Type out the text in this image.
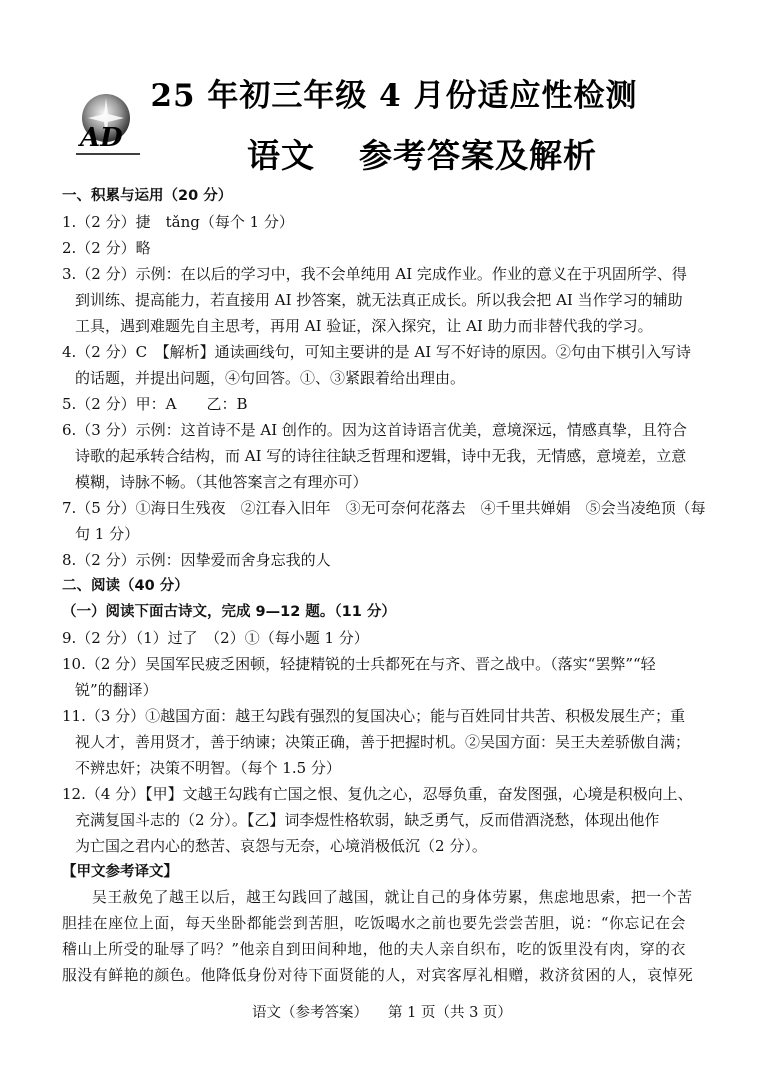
AD
25 年初三年级 4 月份适应性检测
语文 参考答案及解析
一、积累与运用（20 分）
1.（2 分）捷　tǎng（每个 1 分）
2.（2 分）略
3.（2 分）示例：在以后的学习中，我不会单纯用 AI 完成作业。作业的意义在于巩固所学、得
到训练、提高能力，若直接用 AI 抄答案，就无法真正成长。所以我会把 AI 当作学习的辅助
工具，遇到难题先自主思考，再用 AI 验证，深入探究，让 AI 助力而非替代我的学习。
4.（2 分）C　【解析】通读画线句，可知主要讲的是 AI 写不好诗的原因。②句由下棋引入写诗
的话题，并提出问题，④句回答。①、③紧跟着给出理由。
5.（2 分）甲：A　　乙：B
6.（3 分）示例：这首诗不是 AI 创作的。因为这首诗语言优美，意境深远，情感真挚，且符合
诗歌的起承转合结构，而 AI 写的诗往往缺乏哲理和逻辑，诗中无我，无情感，意境差，立意
模糊，诗脉不畅。（其他答案言之有理亦可）
7.（5 分）①海日生残夜　②江春入旧年　③无可奈何花落去　④千里共婵娟　⑤会当凌绝顶（每
句 1 分）
8.（2 分）示例：因挚爱而舍身忘我的人
二、阅读（40 分）
（一）阅读下面古诗文，完成 9—12 题。（11 分）
9.（2 分）（1）过了　（2）①（每小题 1 分）
10.（2 分）吴国军民疲乏困顿，轻捷精锐的士兵都死在与齐、晋之战中。（落实“罢弊”“轻
锐”的翻译）
11.（3 分）①越国方面：越王勾践有强烈的复国决心；能与百姓同甘共苦、积极发展生产；重
视人才，善用贤才，善于纳谏；决策正确，善于把握时机。②吴国方面：吴王夫差骄傲自满；
不辨忠奸；决策不明智。（每个 1.5 分）
12.（4 分）【甲】文越王勾践有亡国之恨、复仇之心，忍辱负重，奋发图强，心境是积极向上、
充满复国斗志的（2 分）。【乙】词李煜性格软弱，缺乏勇气，反而借酒浇愁，体现出他作
为亡国之君内心的愁苦、哀怨与无奈，心境消极低沉（2 分）。
【甲文参考译文】
吴王赦免了越王以后，越王勾践回了越国，就让自己的身体劳累，焦虑地思索，把一个苦
胆挂在座位上面，每天坐卧都能尝到苦胆，吃饭喝水之前也要先尝尝苦胆，说：“你忘记在会
稽山上所受的耻辱了吗？”他亲自到田间种地，他的夫人亲自织布，吃的饭里没有肉，穿的衣
服没有鲜艳的颜色。他降低身份对待下面贤能的人，对宾客厚礼相赠，救济贫困的人，哀悼死
语文（参考答案） 第 1 页（共 3 页）
